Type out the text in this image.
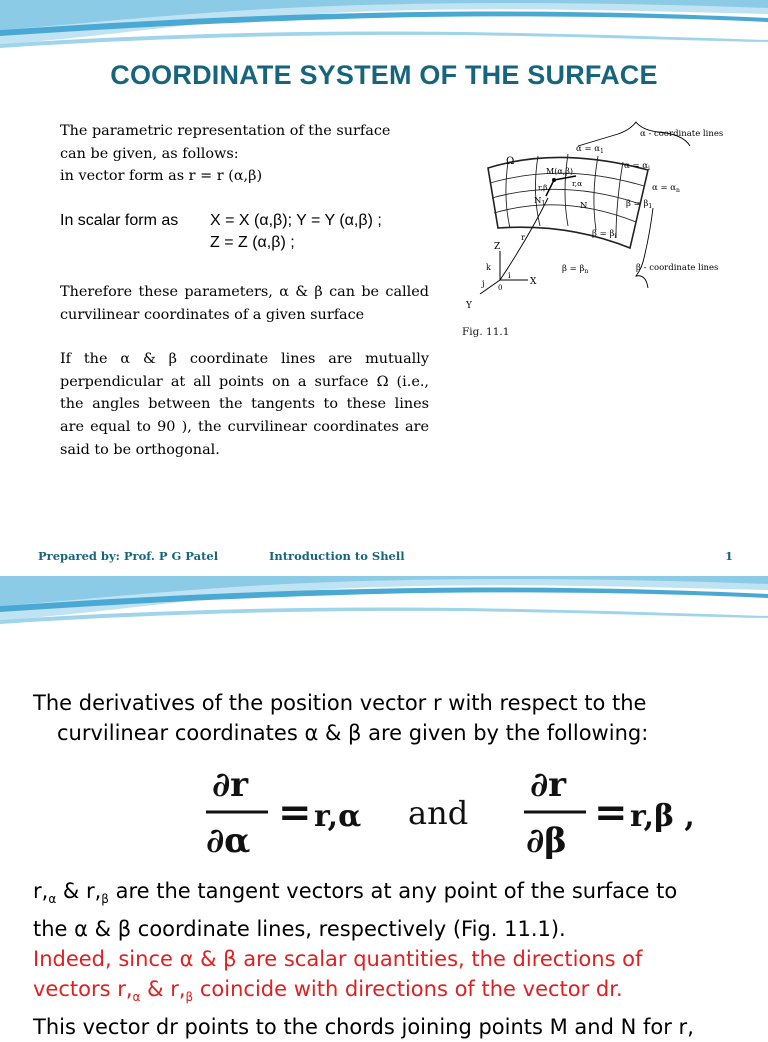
COORDINATE SYSTEM OF THE SURFACE

The parametric representation of the surface

can be given, as follows:

in vector form as r = r (α,β)

In scalar form as	X = X (α,β); Y = Y (α,β) ;
Z = Z (α,β) ;

Therefore these parameters, α & β can be called curvilinear coordinates of a given surface

If the α & β coordinate lines are mutually perpendicular at all points on a surface Ω (i.e., the angles between the tangents to these lines are equal to 90 ), the curvilinear coordinates are said to be orthogonal.

α - coordinate lines
$\alpha = \alpha_1$
$\alpha = \alpha_i$
$\alpha = \alpha_n$
$\beta = \beta_1$
$\beta = \beta_i$
$\beta = \beta_n$	β - coordinate lines
Ω
M(α,β)
r,β	r,α
$N_1$	N
r
Z
k
i
j 0
X
Y
Fig. 11.1
Prepared by: Prof. P G Patel	Introduction to Shell	1

The derivatives of the position vector r with respect to the

curvilinear coordinates α & β are given by the following:

∂r
∂α
= r,α and
∂r
∂β
= r,β ,

$r,_\alpha$ & $r,_\beta$ are the tangent vectors at any point of the surface to

the α & β coordinate lines, respectively (Fig. 11.1).

Indeed, since α & β are scalar quantities, the directions of

vectors $r,_\alpha$ & $r,_\beta$ coincide with directions of the vector dr.

This vector dr points to the chords joining points M and N for r,
